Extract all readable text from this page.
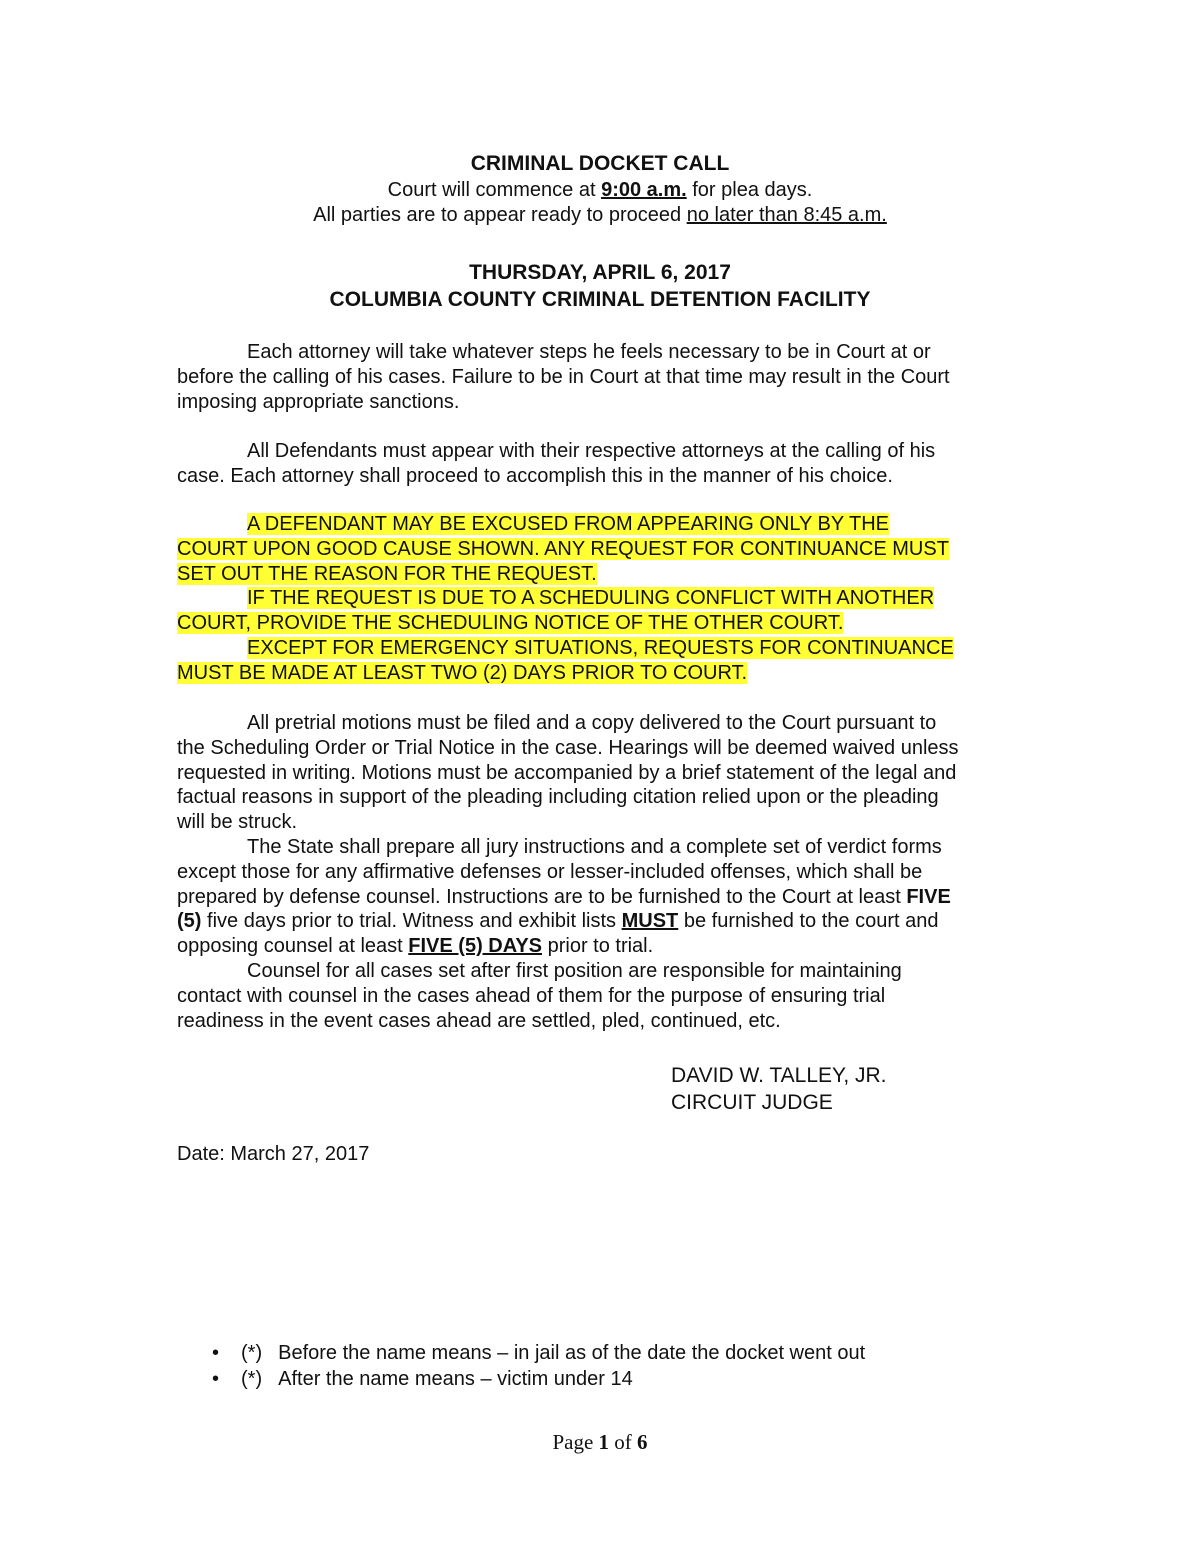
CRIMINAL DOCKET CALL
Court will commence at 9:00 a.m. for plea days.
All parties are to appear ready to proceed no later than 8:45 a.m.
THURSDAY, APRIL 6, 2017
COLUMBIA COUNTY CRIMINAL DETENTION FACILITY
Each attorney will take whatever steps he feels necessary to be in Court at or
before the calling of his cases. Failure to be in Court at that time may result in the Court
imposing appropriate sanctions.
All Defendants must appear with their respective attorneys at the calling of his
case. Each attorney shall proceed to accomplish this in the manner of his choice.
A DEFENDANT MAY BE EXCUSED FROM APPEARING ONLY BY THE
COURT UPON GOOD CAUSE SHOWN. ANY REQUEST FOR CONTINUANCE MUST
SET OUT THE REASON FOR THE REQUEST.
IF THE REQUEST IS DUE TO A SCHEDULING CONFLICT WITH ANOTHER
COURT, PROVIDE THE SCHEDULING NOTICE OF THE OTHER COURT.
EXCEPT FOR EMERGENCY SITUATIONS, REQUESTS FOR CONTINUANCE
MUST BE MADE AT LEAST TWO (2) DAYS PRIOR TO COURT.
All pretrial motions must be filed and a copy delivered to the Court pursuant to
the Scheduling Order or Trial Notice in the case. Hearings will be deemed waived unless
requested in writing. Motions must be accompanied by a brief statement of the legal and
factual reasons in support of the pleading including citation relied upon or the pleading
will be struck.
The State shall prepare all jury instructions and a complete set of verdict forms
except those for any affirmative defenses or lesser-included offenses, which shall be
prepared by defense counsel. Instructions are to be furnished to the Court at least FIVE
(5) five days prior to trial. Witness and exhibit lists MUST be furnished to the court and
opposing counsel at least FIVE (5) DAYS prior to trial.
Counsel for all cases set after first position are responsible for maintaining
contact with counsel in the cases ahead of them for the purpose of ensuring trial
readiness in the event cases ahead are settled, pled, continued, etc.
DAVID W. TALLEY, JR.
CIRCUIT JUDGE
Date: March 27, 2017
• (*) Before the name means – in jail as of the date the docket went out
• (*) After the name means – victim under 14
Page 1 of 6
